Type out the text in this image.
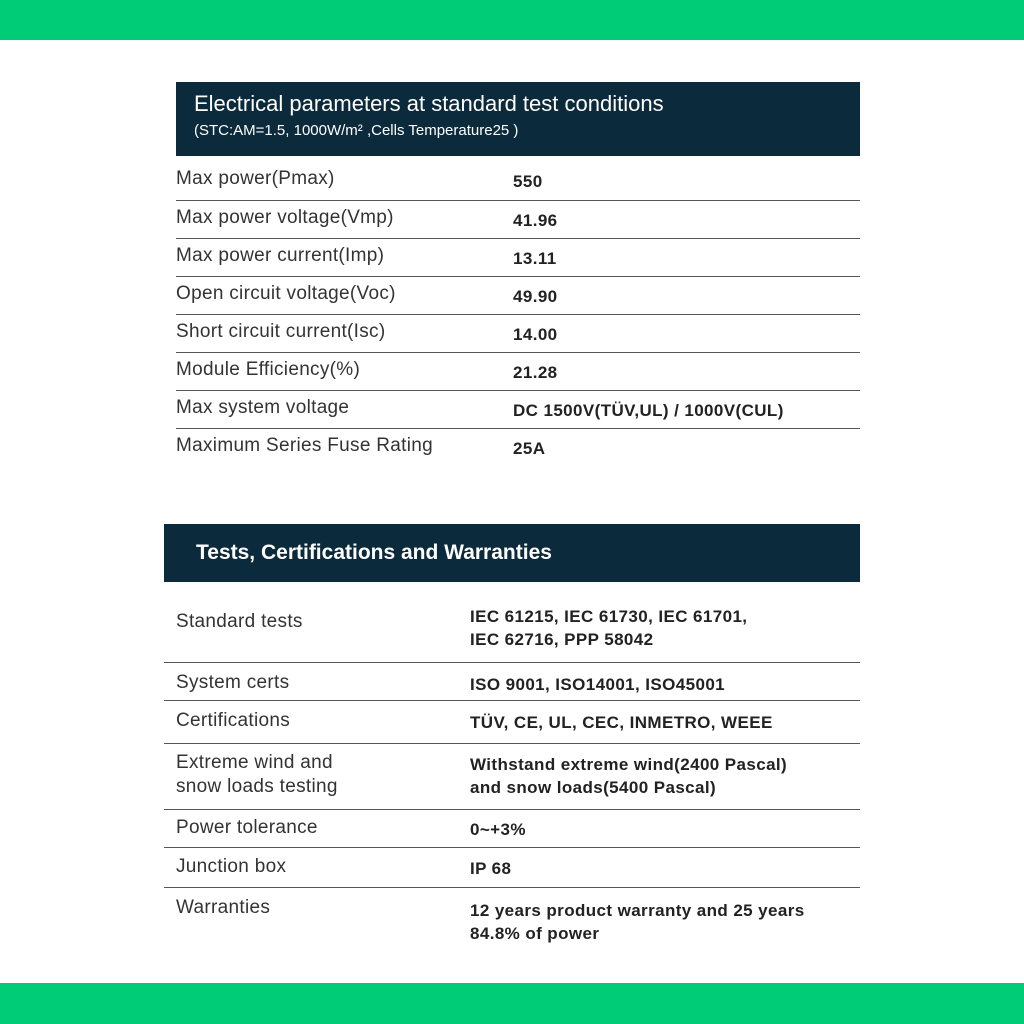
Electrical parameters at standard test conditions
(STC:AM=1.5, 1000W/m² ,Cells Temperature25 )
Max power(Pmax)	550
Max power voltage(Vmp)	41.96
Max power current(Imp)	13.11
Open circuit voltage(Voc)	49.90
Short circuit current(Isc)	14.00
Module Efficiency(%)	21.28
Max system voltage	DC 1500V(TÜV,UL) / 1000V(CUL)
Maximum Series Fuse Rating	25A
Tests, Certifications and Warranties
Standard tests	IEC 61215, IEC 61730, IEC 61701,
IEC 62716, PPP 58042
System certs	ISO 9001, ISO14001, ISO45001
Certifications	TÜV, CE, UL, CEC, INMETRO, WEEE
Extreme wind and
snow loads testing	Withstand extreme wind(2400 Pascal)
and snow loads(5400 Pascal)
Power tolerance	0~+3%
Junction box	IP 68
Warranties	12 years product warranty and 25 years
84.8% of power
